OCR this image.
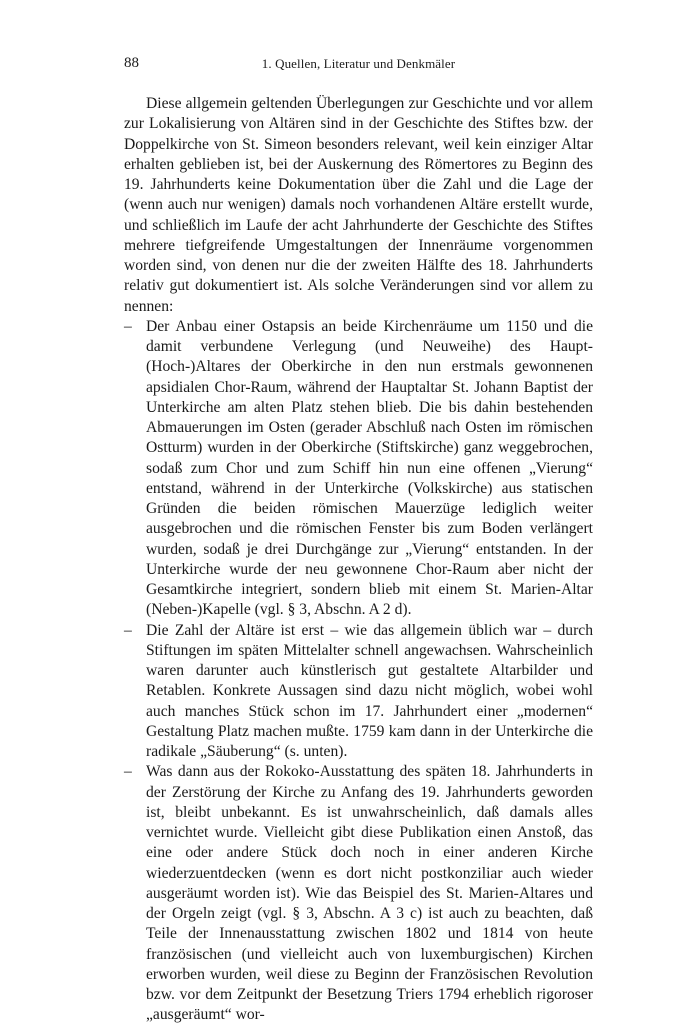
88	1. Quellen, Literatur und Denkmäler

Diese allgemein geltenden Überlegungen zur Geschichte und vor allem zur Lokalisierung von Altären sind in der Geschichte des Stiftes bzw. der Doppelkirche von St. Simeon besonders relevant, weil kein einziger Altar erhalten geblieben ist, bei der Auskernung des Römertores zu Beginn des 19. Jahrhunderts keine Dokumentation über die Zahl und die Lage der (wenn auch nur wenigen) damals noch vorhandenen Altäre erstellt wurde, und schließlich im Laufe der acht Jahrhunderte der Geschichte des Stiftes mehrere tiefgreifende Umgestaltungen der Innenräume vorgenommen worden sind, von denen nur die der zweiten Hälfte des 18. Jahrhunderts relativ gut dokumentiert ist. Als solche Veränderungen sind vor allem zu nennen:

– Der Anbau einer Ostapsis an beide Kirchenräume um 1150 und die damit verbundene Verlegung (und Neuweihe) des Haupt-(Hoch-)Altares der Oberkirche in den nun erstmals gewonnenen apsidialen Chor-Raum, während der Hauptaltar St. Johann Baptist der Unterkirche am alten Platz stehen blieb. Die bis dahin bestehenden Abmauerungen im Osten (gerader Abschluß nach Osten im römischen Ostturm) wurden in der Oberkirche (Stiftskirche) ganz weggebrochen, sodaß zum Chor und zum Schiff hin nun eine offenen „Vierung“ entstand, während in der Unterkirche (Volkskirche) aus statischen Gründen die beiden römischen Mauerzüge lediglich weiter ausgebrochen und die römischen Fenster bis zum Boden verlängert wurden, sodaß je drei Durchgänge zur „Vierung“ entstanden. In der Unterkirche wurde der neu gewonnene Chor-Raum aber nicht der Gesamtkirche integriert, sondern blieb mit einem St. Marien-Altar (Neben-)Kapelle (vgl. § 3, Abschn. A 2 d).
– Die Zahl der Altäre ist erst – wie das allgemein üblich war – durch Stiftungen im späten Mittelalter schnell angewachsen. Wahrscheinlich waren darunter auch künstlerisch gut gestaltete Altarbilder und Retablen. Konkrete Aussagen sind dazu nicht möglich, wobei wohl auch manches Stück schon im 17. Jahrhundert einer „modernen“ Gestaltung Platz machen mußte. 1759 kam dann in der Unterkirche die radikale „Säuberung“ (s. unten).
– Was dann aus der Rokoko-Ausstattung des späten 18. Jahrhunderts in der Zerstörung der Kirche zu Anfang des 19. Jahrhunderts geworden ist, bleibt unbekannt. Es ist unwahrscheinlich, daß damals alles vernichtet wurde. Vielleicht gibt diese Publikation einen Anstoß, das eine oder andere Stück doch noch in einer anderen Kirche wiederzuentdecken (wenn es dort nicht postkonziliar auch wieder ausgeräumt worden ist). Wie das Beispiel des St. Marien-Altares und der Orgeln zeigt (vgl. § 3, Abschn. A 3 c) ist auch zu beachten, daß Teile der Innenausstattung zwischen 1802 und 1814 von heute französischen (und vielleicht auch von luxemburgischen) Kirchen erworben wurden, weil diese zu Beginn der Französischen Revolution bzw. vor dem Zeitpunkt der Besetzung Triers 1794 erheblich rigoroser „ausgeräumt“ wor-
